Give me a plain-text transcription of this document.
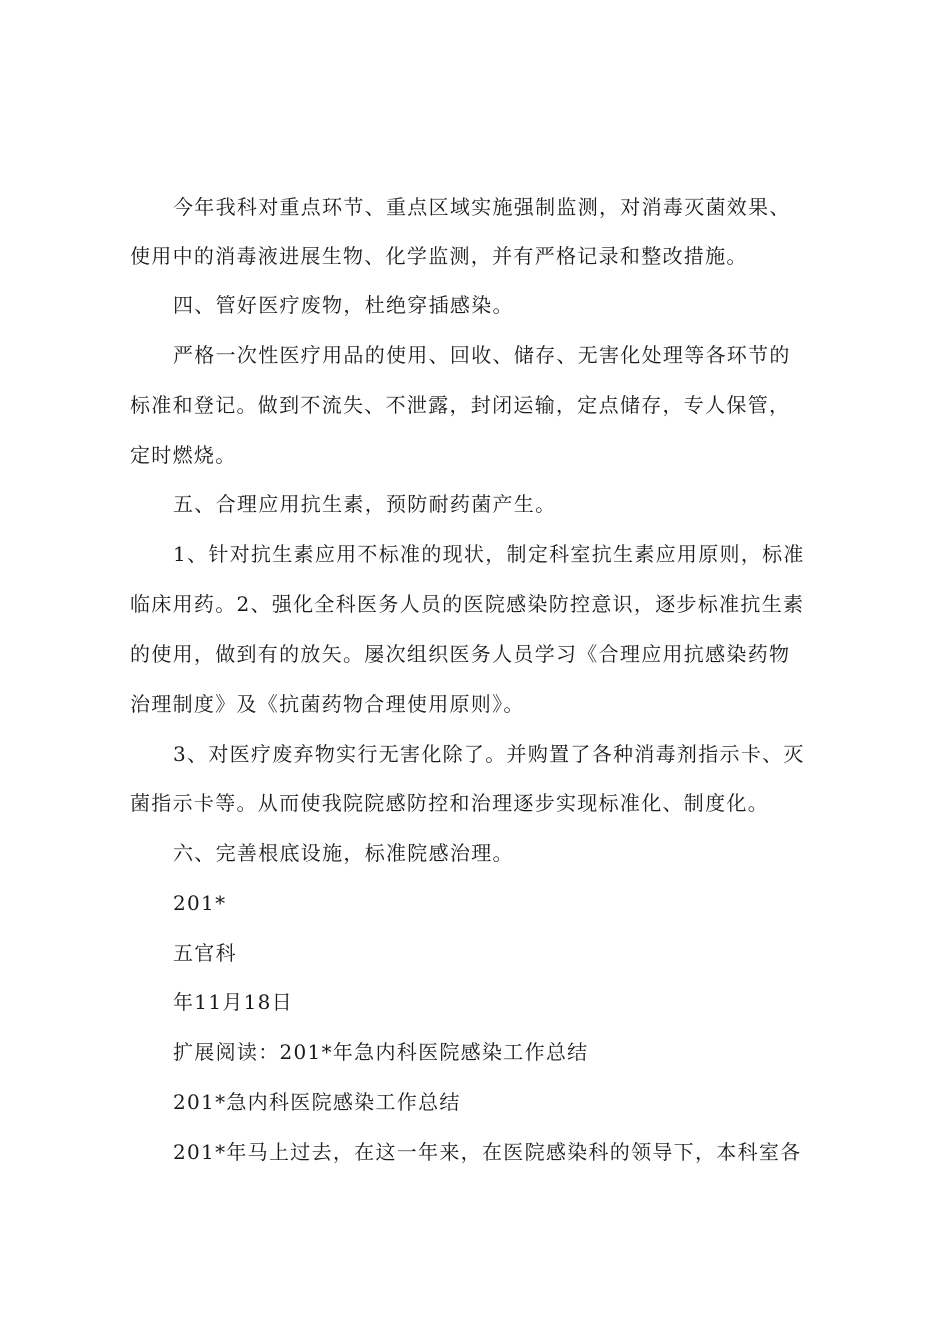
今年我科对重点环节、重点区域实施强制监测，对消毒灭菌效果、
使用中的消毒液进展生物、化学监测，并有严格记录和整改措施。
四、管好医疗废物，杜绝穿插感染。
严格一次性医疗用品的使用、回收、储存、无害化处理等各环节的
标准和登记。做到不流失、不泄露，封闭运输，定点储存，专人保管，
定时燃烧。
五、合理应用抗生素，预防耐药菌产生。
1、针对抗生素应用不标准的现状，制定科室抗生素应用原则，标准
临床用药。2、强化全科医务人员的医院感染防控意识，逐步标准抗生素
的使用，做到有的放矢。屡次组织医务人员学习《合理应用抗感染药物
治理制度》及《抗菌药物合理使用原则》。
3、对医疗废弃物实行无害化除了。并购置了各种消毒剂指示卡、灭
菌指示卡等。从而使我院院感防控和治理逐步实现标准化、制度化。
六、完善根底设施，标准院感治理。
201*
五官科
年11月18日
扩展阅读：201*年急内科医院感染工作总结
201*急内科医院感染工作总结
201*年马上过去，在这一年来，在医院感染科的领导下，本科室各
